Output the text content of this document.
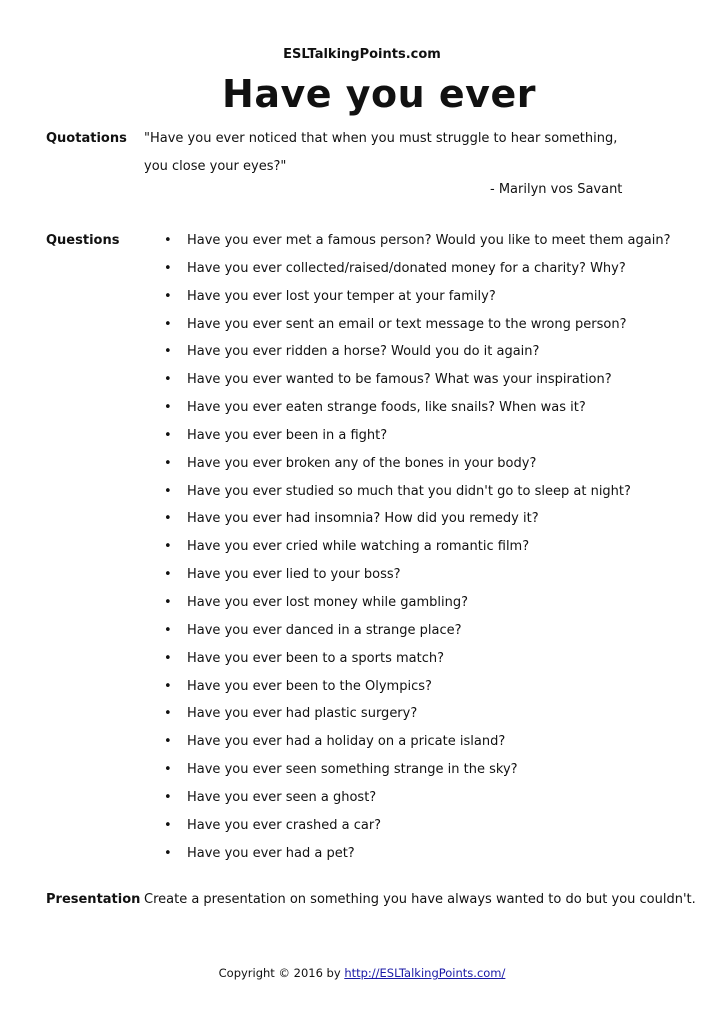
ESLTalkingPoints.com
Have you ever
Quotations "Have you ever noticed that when you must struggle to hear something,
you close your eyes?"
- Marilyn vos Savant
Questions	• Have you ever met a famous person? Would you like to meet them again?
• Have you ever collected/raised/donated money for a charity? Why?
• Have you ever lost your temper at your family?
• Have you ever sent an email or text message to the wrong person?
• Have you ever ridden a horse? Would you do it again?
• Have you ever wanted to be famous? What was your inspiration?
• Have you ever eaten strange foods, like snails? When was it?
• Have you ever been in a fight?
• Have you ever broken any of the bones in your body?
• Have you ever studied so much that you didn't go to sleep at night?
• Have you ever had insomnia? How did you remedy it?
• Have you ever cried while watching a romantic film?
• Have you ever lied to your boss?
• Have you ever lost money while gambling?
• Have you ever danced in a strange place?
• Have you ever been to a sports match?
• Have you ever been to the Olympics?
• Have you ever had plastic surgery?
• Have you ever had a holiday on a pricate island?
• Have you ever seen something strange in the sky?
• Have you ever seen a ghost?
• Have you ever crashed a car?
• Have you ever had a pet?
Presentation Create a presentation on something you have always wanted to do but you couldn't.
Copyright © 2016 by http://ESLTalkingPoints.com/
